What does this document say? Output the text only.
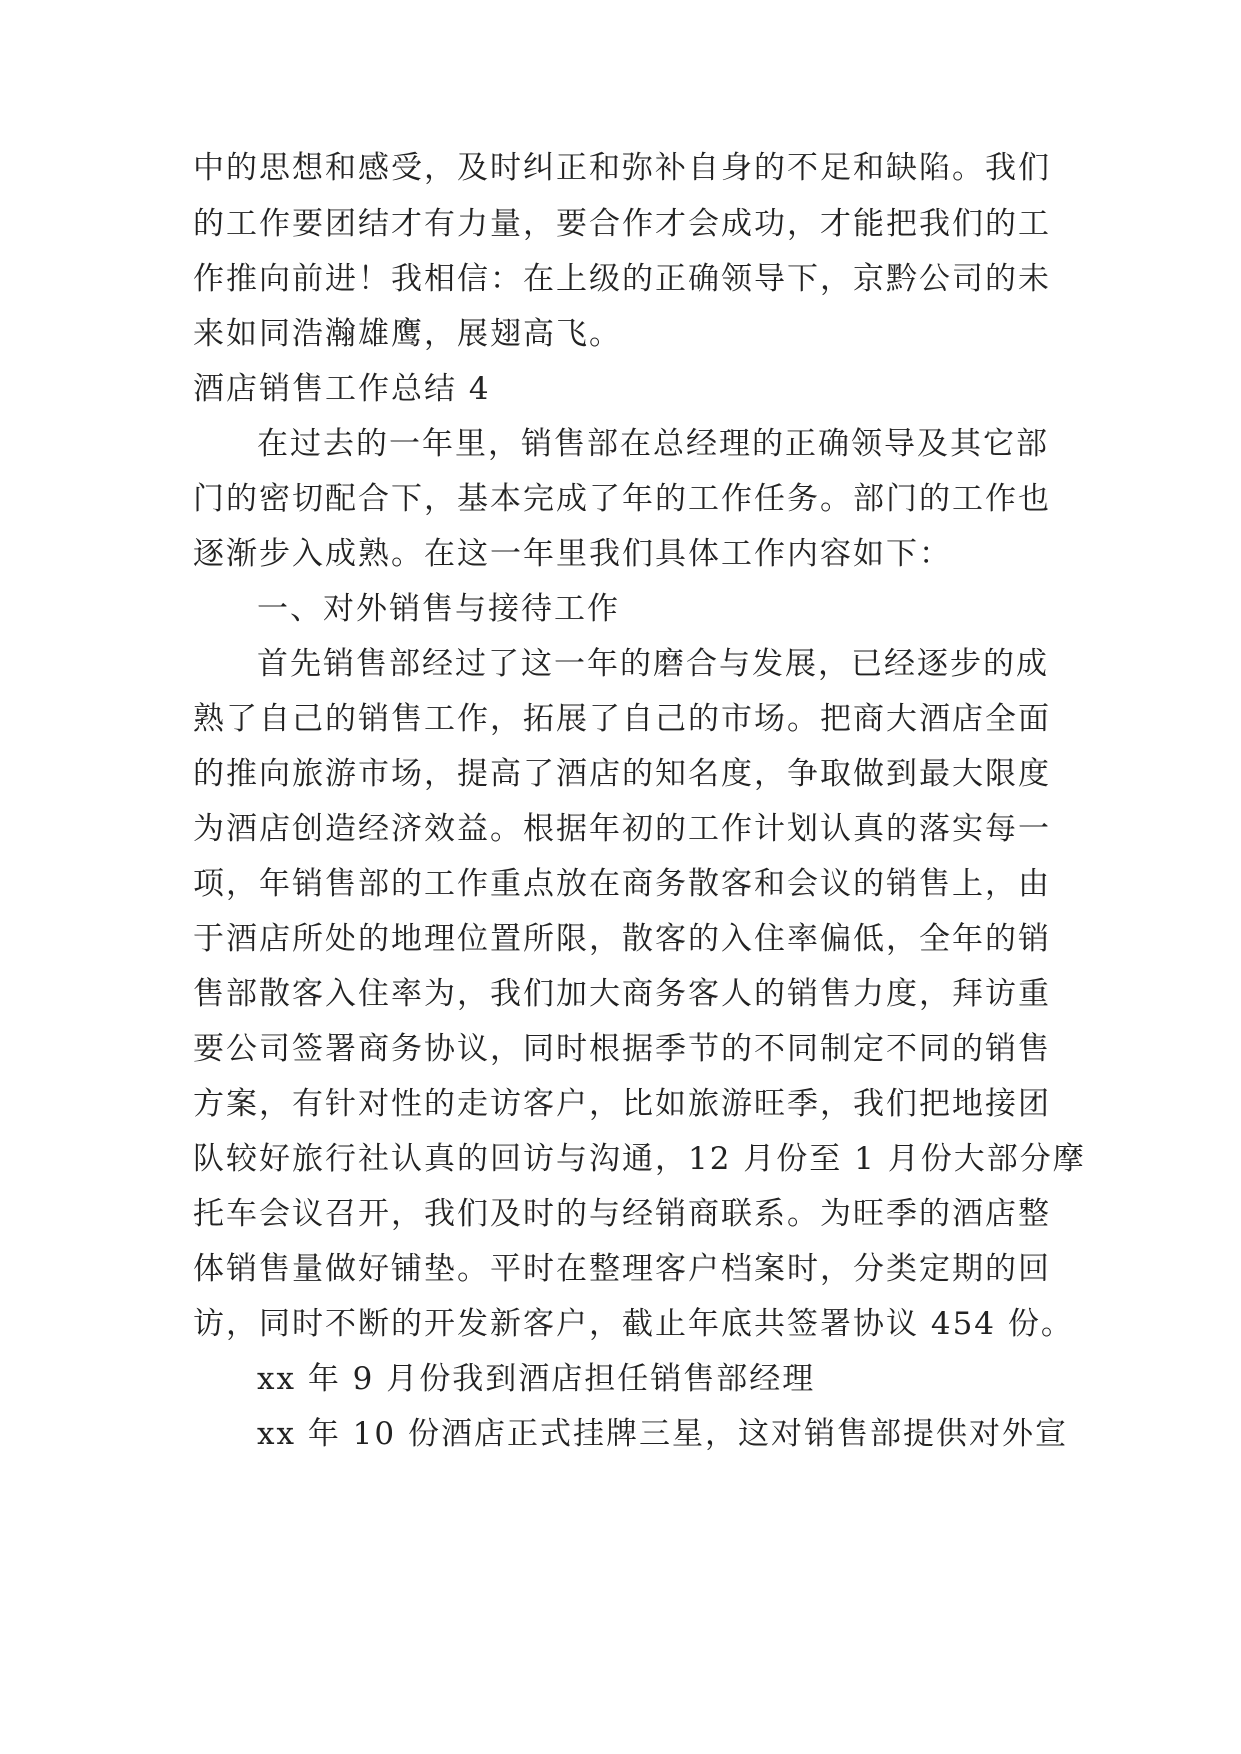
中的思想和感受，及时纠正和弥补自身的不足和缺陷。我们
的工作要团结才有力量，要合作才会成功，才能把我们的工
作推向前进！我相信：在上级的正确领导下，京黔公司的未
来如同浩瀚雄鹰，展翅高飞。
酒店销售工作总结 4
在过去的一年里，销售部在总经理的正确领导及其它部
门的密切配合下，基本完成了年的工作任务。部门的工作也
逐渐步入成熟。在这一年里我们具体工作内容如下：
一、对外销售与接待工作
首先销售部经过了这一年的磨合与发展，已经逐步的成
熟了自己的销售工作，拓展了自己的市场。把商大酒店全面
的推向旅游市场，提高了酒店的知名度，争取做到最大限度
为酒店创造经济效益。根据年初的工作计划认真的落实每一
项，年销售部的工作重点放在商务散客和会议的销售上，由
于酒店所处的地理位置所限，散客的入住率偏低，全年的销
售部散客入住率为，我们加大商务客人的销售力度，拜访重
要公司签署商务协议，同时根据季节的不同制定不同的销售
方案，有针对性的走访客户，比如旅游旺季，我们把地接团
队较好旅行社认真的回访与沟通，12 月份至 1 月份大部分摩
托车会议召开，我们及时的与经销商联系。为旺季的酒店整
体销售量做好铺垫。平时在整理客户档案时，分类定期的回
访，同时不断的开发新客户，截止年底共签署协议 454 份。
xx 年 9 月份我到酒店担任销售部经理
xx 年 10 份酒店正式挂牌三星，这对销售部提供对外宣
